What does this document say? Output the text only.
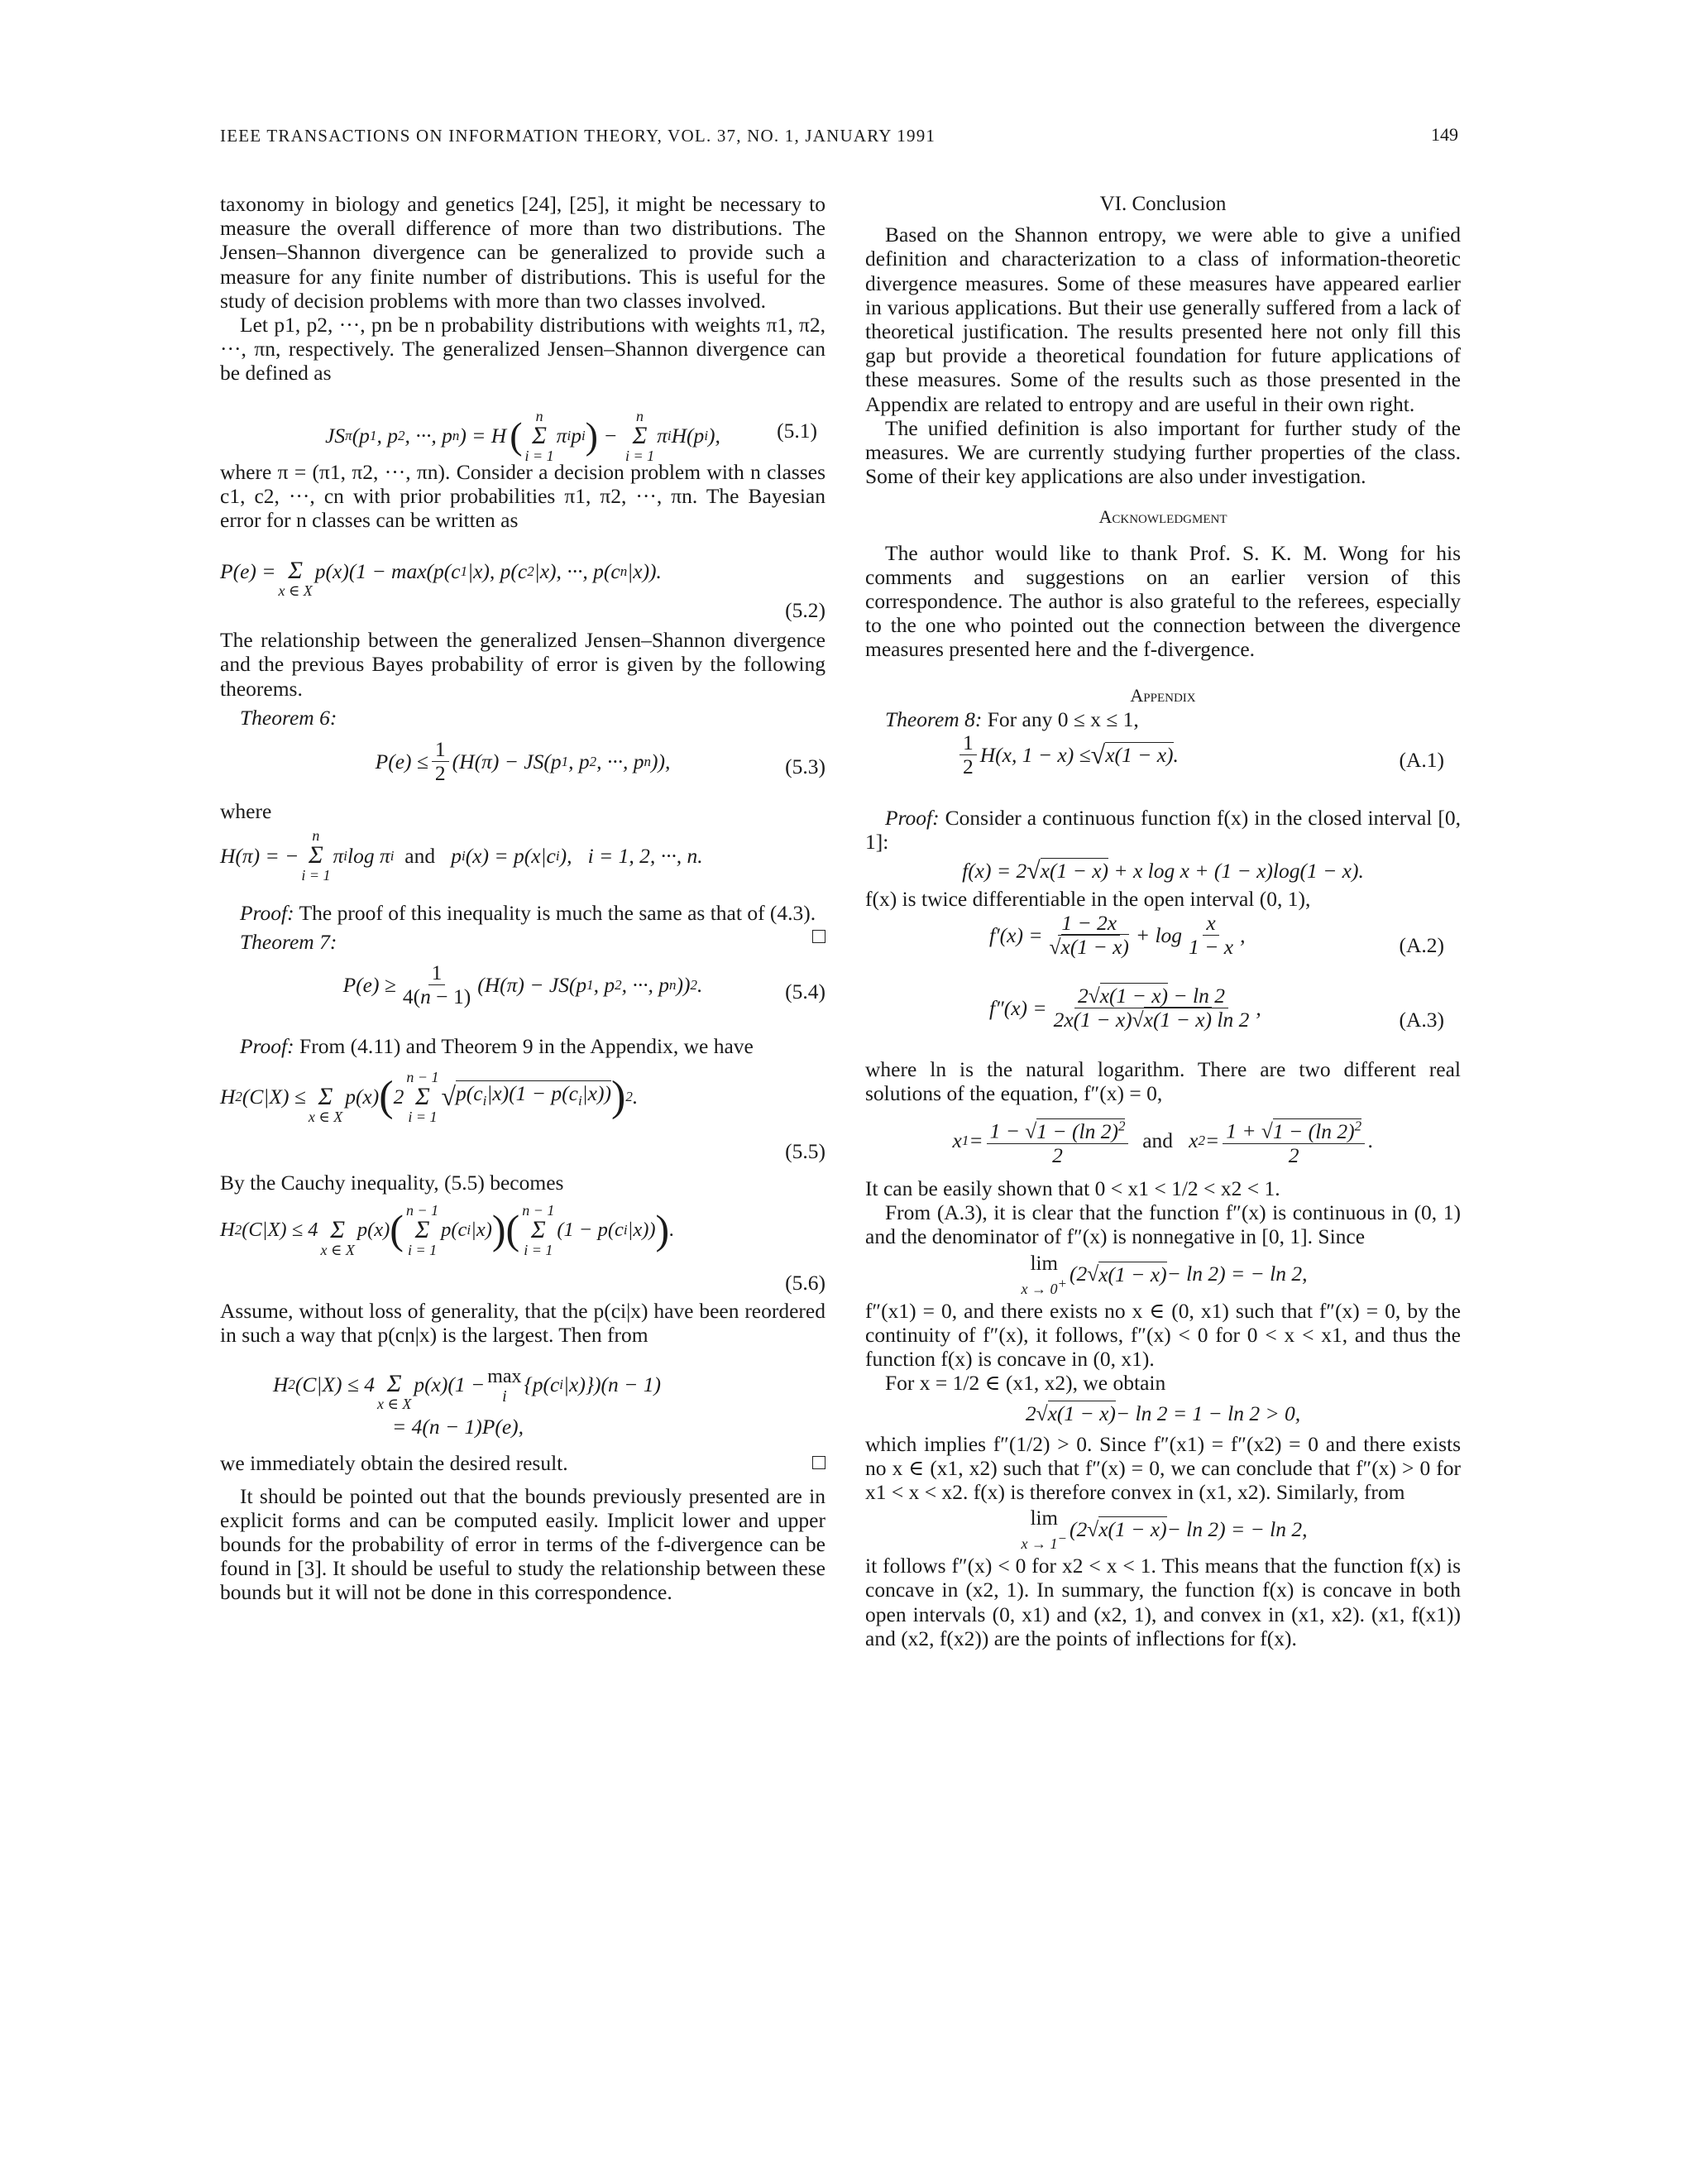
IEEE TRANSACTIONS ON INFORMATION THEORY, VOL. 37, NO. 1, JANUARY 1991	149

taxonomy in biology and genetics [24], [25], it might be necessary to measure the overall difference of more than two distributions. The Jensen–Shannon divergence can be generalized to provide such a measure for any finite number of distributions. This is useful for the study of decision problems with more than two classes involved.

Let p1, p2, ···, pn be n probability distributions with weights π1, π2, ···, πn, respectively. The generalized Jensen–Shannon divergence can be defined as

JS π (p 1 , p 2 , ···, p n ) = H ( n
Σ
i = 1
π i p i ) −
n
Σ
i = 1
π i H(p i ),	(5.1)

where π = (π1, π2, ···, πn). Consider a decision problem with n classes c1, c2, ···, cn with prior probabilities π1, π2, ···, πn. The Bayesian error for n classes can be written as

P(e) =
Σ
x ∈ X
p(x)(1 − max(p(c 1 |x), p(c 2 |x), ···, p(c n |x)).
(5.2)

The relationship between the generalized Jensen–Shannon divergence and the previous Bayes probability of error is given by the following theorems.

Theorem 6:

$P(e) \le \frac{1}{2} (H(\pi) - JS(p$ 1 , p 2 , ···, p n )),	(5.3)

where

H(π) = −
n
Σ
i = 1
π i log π i
and p i (x) = p(x|c i ),   i = 1, 2, ···, n.

Proof: The proof of this inequality is much the same as that of (4.3).

Theorem 7:

$P(e) \ge \frac{1}{4(n - 1)} (H(\pi) - JS(p$ 1 , p 2 , ···, p n )) 2 .	(5.4)

Proof: From (4.11) and Theorem 9 in the Appendix, we have

H 2 (C|X) ≤
Σ
x ∈ X
p(x) ( 2
n − 1
Σ
i = 1
√ $p(c_i|x)(1 - p(c_i|x))$ ) 2 .
(5.5)

By the Cauchy inequality, (5.5) becomes

H 2 (C|X) ≤ 4
Σ
x ∈ X
p(x) ( n − 1
Σ
i = 1
p(c i |x) )( n − 1
Σ
i = 1
(1 − p(c i |x)) ) .
(5.6)

Assume, without loss of generality, that the p(ci|x) have been reordered in such a way that p(cn|x) is the largest. Then from

H 2 (C|X) ≤ 4
Σ
x ∈ X
p(x)(1 − max
i
{p(c i |x)})(n − 1)
= 4(n − 1)P(e),

we immediately obtain the desired result.

It should be pointed out that the bounds previously presented are in explicit forms and can be computed easily. Implicit lower and upper bounds for the probability of error in terms of the f-divergence can be found in [3]. It should be useful to study the relationship between these bounds but it will not be done in this correspondence.

VI. Conclusion

Based on the Shannon entropy, we were able to give a unified definition and characterization to a class of information-theoretic divergence measures. Some of these measures have appeared earlier in various applications. But their use generally suffered from a lack of theoretical justification. The results presented here not only fill this gap but provide a theoretical foundation for future applications of these measures. Some of the results such as those presented in the Appendix are related to entropy and are useful in their own right.

The unified definition is also important for further study of the measures. We are currently studying further properties of the class. Some of their key applications are also under investigation.

Acknowledgment

The author would like to thank Prof. S. K. M. Wong for his comments and suggestions on an earlier version of this correspondence. The author is also grateful to the referees, especially to the one who pointed out the connection between the divergence measures presented here and the f-divergence.

Appendix

Theorem 8: For any 0 ≤ x ≤ 1,

$\frac{1}{2} H(x$, 1 − x) ≤ √ x(1 − x) .	(A.1)

Proof: Consider a continuous function f(x) in the closed interval [0, 1]:

f(x) = 2 √ x(1 − x) + x log x + (1 − x)log(1 − x).

f(x) is twice differentiable in the open interval (0, 1),

$f'(x) = \frac{1 - 2x}{√x(1 - x)} + \log \frac{x}{1 - x}$ ,	(A.2)
$f''(x) = \frac{2√x(1 - x) - \ln 2}{2x(1 - x)√x(1 - x) \ln 2}$ ,	(A.3)

where ln is the natural logarithm. There are two different real solutions of the equation, f″(x) = 0,

x $1 = \frac{1 - √1 - (\ln 2)^2}{2}$
and x $2 = \frac{1 + √1 - (\ln 2)^2}{2}$ .

It can be easily shown that 0 < x1 < 1/2 < x2 < 1.

From (A.3), it is clear that the function f″(x) is continuous in (0, 1) and the denominator of f″(x) is nonnegative in [0, 1]. Since

lim
x → 0+ (2 √ x(1 − x) − ln 2) = − ln 2,

f″(x1) = 0, and there exists no x ∈ (0, x1) such that f″(x) = 0, by the continuity of f″(x), it follows, f″(x) < 0 for 0 < x < x1, and thus the function f(x) is concave in (0, x1).

For x = 1/2 ∈ (x1, x2), we obtain

2 √ x(1 − x) − ln 2 = 1 − ln 2 > 0,

which implies f″(1/2) > 0. Since f″(x1) = f″(x2) = 0 and there exists no x ∈ (x1, x2) such that f″(x) = 0, we can conclude that f″(x) > 0 for x1 < x < x2. f(x) is therefore convex in (x1, x2). Similarly, from

lim
x → 1− (2 √ x(1 − x) − ln 2) = − ln 2,

it follows f″(x) < 0 for x2 < x < 1. This means that the function f(x) is concave in (x2, 1). In summary, the function f(x) is concave in both open intervals (0, x1) and (x2, 1), and convex in (x1, x2). (x1, f(x1)) and (x2, f(x2)) are the points of inflections for f(x).
